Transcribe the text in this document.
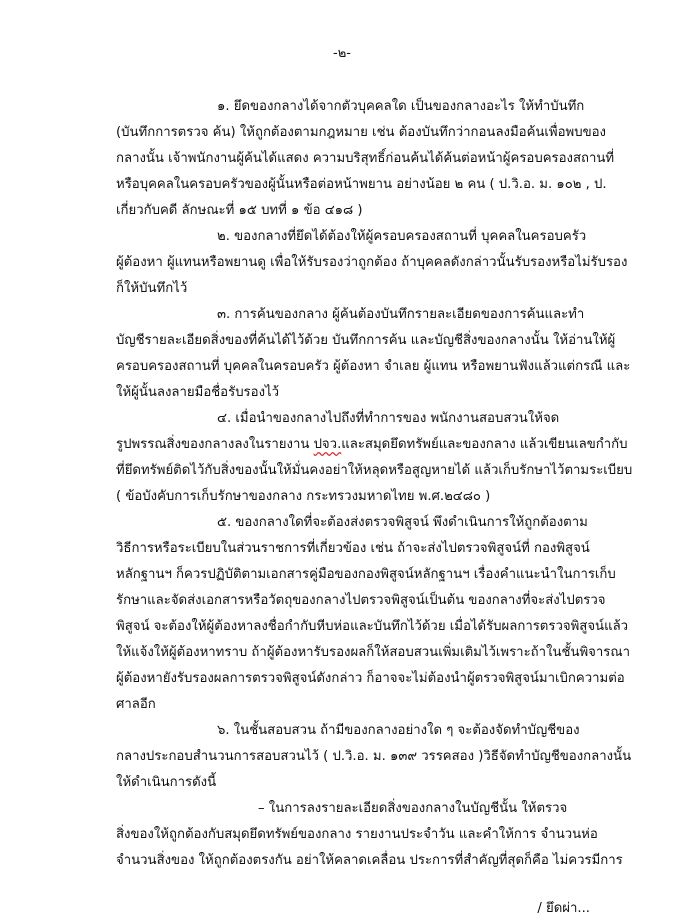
-๒-
๑. ยึดของกลางได้จากตัวบุคคลใด เป็นของกลางอะไร ให้ทำบันทึก
(บันทึกการตรวจ ค้น) ให้ถูกต้องตามกฎหมาย เช่น ต้องบันทึกว่ากอนลงมือค้นเพื่อพบของ
กลางนั้น เจ้าพนักงานผู้ค้นได้แสดง ความบริสุทธิ์ก่อนค้นได้ค้นต่อหน้าผู้ครอบครองสถานที่
หรือบุคคลในครอบครัวของผู้นั้นหรือต่อหน้าพยาน อย่างน้อย ๒ คน ( ป.วิ.อ. ม. ๑๐๒ , ป.
เกี่ยวกับคดี ลักษณะที่ ๑๕ บทที่ ๑ ข้อ ๔๑๘ )
๒. ของกลางที่ยึดได้ต้องให้ผู้ครอบครองสถานที่ บุคคลในครอบครัว
ผู้ต้องหา ผู้แทนหรือพยานดู เพื่อให้รับรองว่าถูกต้อง ถ้าบุคคลดังกล่าวนั้นรับรองหรือไม่รับรอง
ก็ให้บันทึกไว้
๓. การค้นของกลาง ผู้ค้นต้องบันทึกรายละเอียดของการค้นและทำ
บัญชีรายละเอียดสิ่งของที่ค้นได้ไว้ด้วย บันทึกการค้น และบัญชีสิ่งของกลางนั้น ให้อ่านให้ผู้
ครอบครองสถานที่ บุคคลในครอบครัว ผู้ต้องหา จำเลย ผู้แทน หรือพยานฟังแล้วแต่กรณี และ
ให้ผู้นั้นลงลายมือชื่อรับรองไว้
๔. เมื่อนำของกลางไปถึงที่ทำการของ พนักงานสอบสวนให้จด
รูปพรรณสิ่งของกลางลงในรายงาน ปจว.และสมุดยึดทรัพย์และของกลาง แล้วเขียนเลขกำกับ
ที่ยึดทรัพย์ติดไว้กับสิ่งของนั้นให้มั่นคงอย่าให้หลุดหรือสูญหายได้ แล้วเก็บรักษาไว้ตามระเบียบ
( ข้อบังคับการเก็บรักษาของกลาง กระทรวงมหาดไทย พ.ศ.๒๔๘๐ )
๕. ของกลางใดที่จะต้องส่งตรวจพิสูจน์ พึงดำเนินการให้ถูกต้องตาม
วิธีการหรือระเบียบในส่วนราชการที่เกี่ยวข้อง เช่น ถ้าจะส่งไปตรวจพิสูจน์ที่ กองพิสูจน์
หลักฐานฯ ก็ควรปฏิบัติตามเอกสารคู่มือของกองพิสูจน์หลักฐานฯ เรื่องคำแนะนำในการเก็บ
รักษาและจัดส่งเอกสารหรือวัตถุของกลางไปตรวจพิสูจน์เป็นต้น ของกลางที่จะส่งไปตรวจ
พิสูจน์ จะต้องให้ผู้ต้องหาลงชื่อกำกับหีบห่อและบันทึกไว้ด้วย เมื่อได้รับผลการตรวจพิสูจน์แล้ว
ให้แจ้งให้ผู้ต้องหาทราบ ถ้าผู้ต้องหารับรองผลก็ให้สอบสวนเพิ่มเติมไว้เพราะถ้าในชั้นพิจารณา
ผู้ต้องหายังรับรองผลการตรวจพิสูจน์ดังกล่าว ก็อาจจะไม่ต้องนำผู้ตรวจพิสูจน์มาเบิกความต่อ
ศาลอีก
๖. ในชั้นสอบสวน ถ้ามีของกลางอย่างใด ๆ จะต้องจัดทำบัญชีของ
กลางประกอบสำนวนการสอบสวนไว้ ( ป.วิ.อ. ม. ๑๓๙ วรรคสอง )วิธีจัดทำบัญชีของกลางนั้น
ให้ดำเนินการดังนี้
– ในการลงรายละเอียดสิ่งของกลางในบัญชีนั้น ให้ตรวจ
สิ่งของให้ถูกต้องกับสมุดยึดทรัพย์ของกลาง รายงานประจำวัน และคำให้การ จำนวนห่อ
จำนวนสิ่งของ ให้ถูกต้องตรงกัน อย่าให้คลาดเคลื่อน ประการที่สำคัญที่สุดก็คือ ไม่ควรมีการ
/ ยึดผ่า...
